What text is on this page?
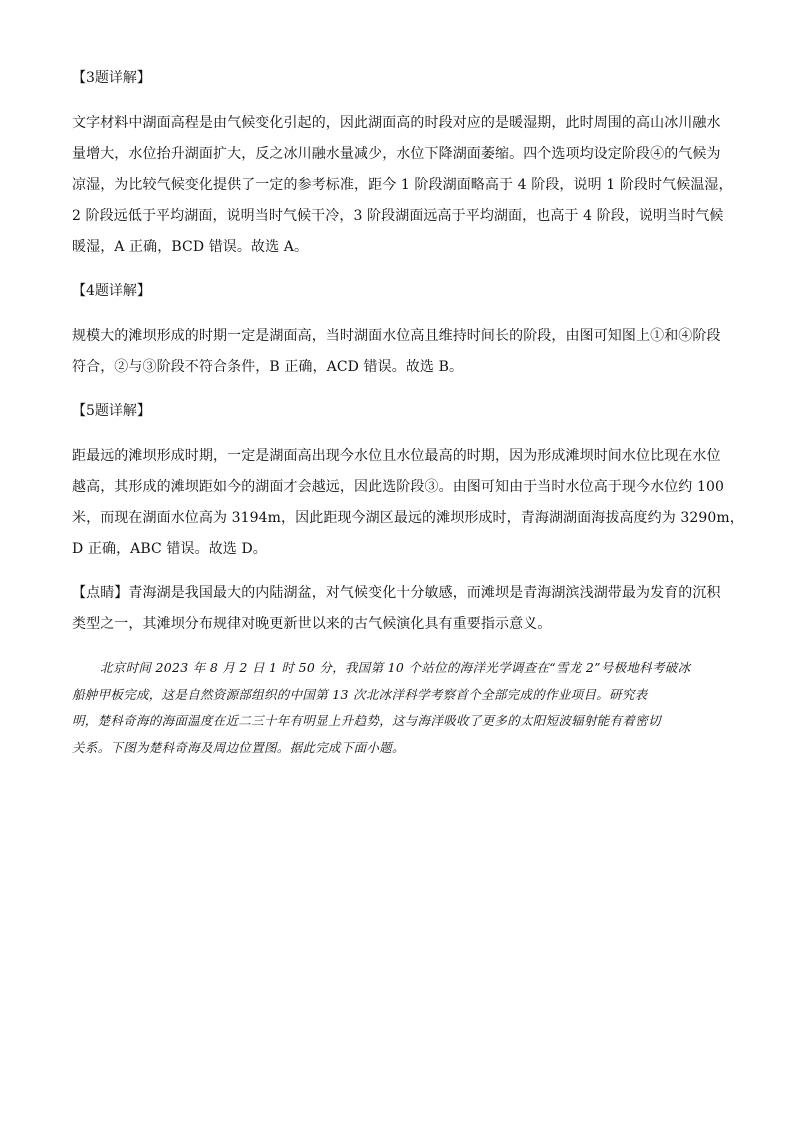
【3题详解】
文字材料中湖面高程是由气候变化引起的，因此湖面高的时段对应的是暖湿期，此时周围的高山冰川融水
量增大，水位抬升湖面扩大，反之冰川融水量减少，水位下降湖面萎缩。四个选项均设定阶段④的气候为
凉湿，为比较气候变化提供了一定的参考标准，距今 1 阶段湖面略高于 4 阶段，说明 1 阶段时气候温湿，
2 阶段远低于平均湖面，说明当时气候干冷，3 阶段湖面远高于平均湖面，也高于 4 阶段，说明当时气候
暖湿，A 正确，BCD 错误。故选 A。
【4题详解】
规模大的滩坝形成的时期一定是湖面高，当时湖面水位高且维持时间长的阶段，由图可知图上①和④阶段
符合，②与③阶段不符合条件，B 正确，ACD 错误。故选 B。
【5题详解】
距最远的滩坝形成时期，一定是湖面高出现今水位且水位最高的时期，因为形成滩坝时间水位比现在水位
越高，其形成的滩坝距如今的湖面才会越远，因此选阶段③。由图可知由于当时水位高于现今水位约 100
米，而现在湖面水位高为 3194m，因此距现今湖区最远的滩坝形成时，青海湖湖面海拔高度约为 3290m，
D 正确，ABC 错误。故选 D。
【点睛】青海湖是我国最大的内陆湖盆，对气候变化十分敏感，而滩坝是青海湖滨浅湖带最为发育的沉积
类型之一，其滩坝分布规律对晚更新世以来的古气候演化具有重要指示意义。
北京时间 2023 年 8 月 2 日 1 时 50 分，我国第 10 个站位的海洋光学调查在“雪龙 2”号极地科考破冰
船舯甲板完成，这是自然资源部组织的中国第 13 次北冰洋科学考察首个全部完成的作业项目。研究表
明，楚科奇海的海面温度在近二三十年有明显上升趋势，这与海洋吸收了更多的太阳短波辐射能有着密切
关系。下图为楚科奇海及周边位置图。据此完成下面小题。
